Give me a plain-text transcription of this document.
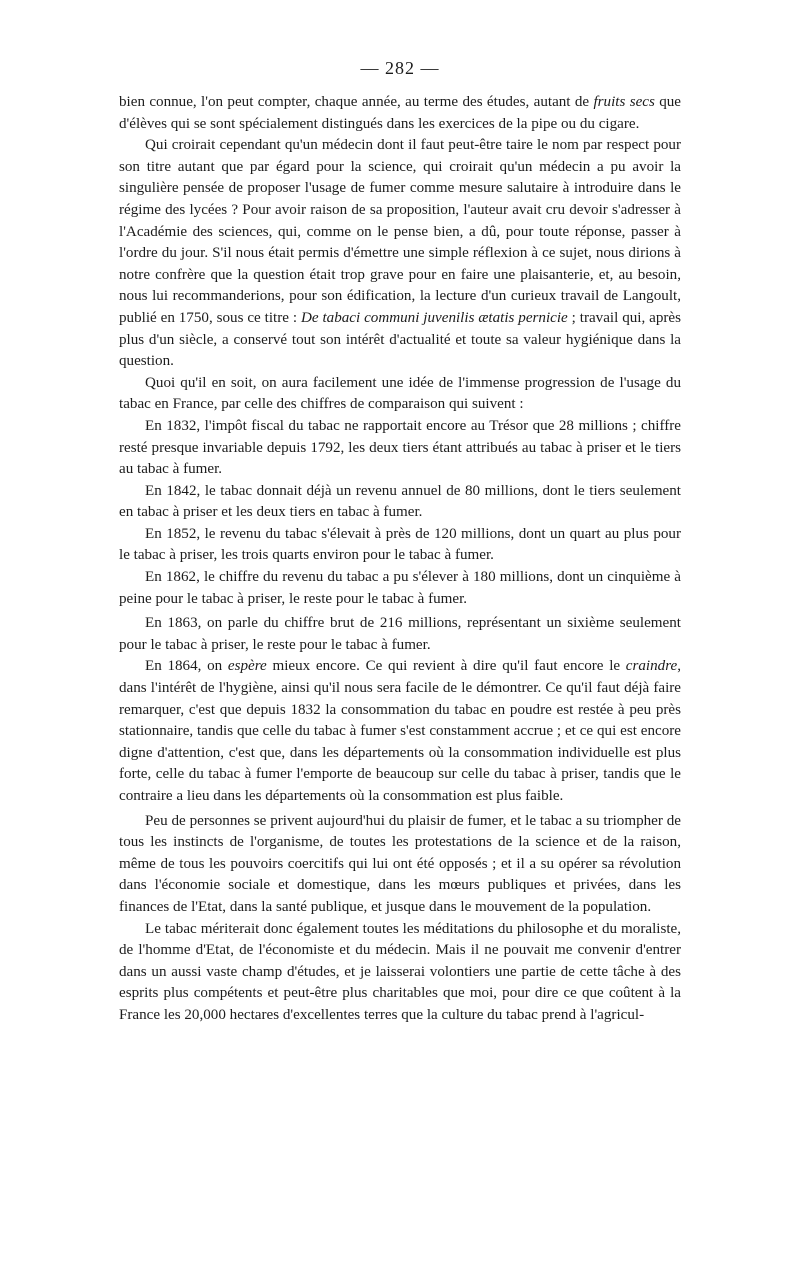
— 282 —

bien connue, l'on peut compter, chaque année, au terme des études, autant de fruits secs que d'élèves qui se sont spécialement distingués dans les exercices de la pipe ou du cigare.

Qui croirait cependant qu'un médecin dont il faut peut-être taire le nom par respect pour son titre autant que par égard pour la science, qui croirait qu'un médecin a pu avoir la singulière pensée de proposer l'usage de fumer comme mesure salutaire à introduire dans le régime des lycées ? Pour avoir raison de sa proposition, l'auteur avait cru devoir s'adresser à l'Académie des sciences, qui, comme on le pense bien, a dû, pour toute réponse, passer à l'ordre du jour. S'il nous était permis d'émettre une simple réflexion à ce sujet, nous dirions à notre confrère que la question était trop grave pour en faire une plaisanterie, et, au besoin, nous lui recommanderions, pour son édification, la lecture d'un curieux travail de Langoult, publié en 1750, sous ce titre : De tabaci communi juvenilis ætatis pernicie ; travail qui, après plus d'un siècle, a conservé tout son intérêt d'actualité et toute sa valeur hygiénique dans la question.

Quoi qu'il en soit, on aura facilement une idée de l'immense progression de l'usage du tabac en France, par celle des chiffres de comparaison qui suivent :

En 1832, l'impôt fiscal du tabac ne rapportait encore au Trésor que 28 millions ; chiffre resté presque invariable depuis 1792, les deux tiers étant attribués au tabac à priser et le tiers au tabac à fumer.

En 1842, le tabac donnait déjà un revenu annuel de 80 millions, dont le tiers seulement en tabac à priser et les deux tiers en tabac à fumer.

En 1852, le revenu du tabac s'élevait à près de 120 millions, dont un quart au plus pour le tabac à priser, les trois quarts environ pour le tabac à fumer.

En 1862, le chiffre du revenu du tabac a pu s'élever à 180 millions, dont un cinquième à peine pour le tabac à priser, le reste pour le tabac à fumer.

En 1863, on parle du chiffre brut de 216 millions, représentant un sixième seulement pour le tabac à priser, le reste pour le tabac à fumer.

En 1864, on espère mieux encore. Ce qui revient à dire qu'il faut encore le craindre, dans l'intérêt de l'hygiène, ainsi qu'il nous sera facile de le démontrer. Ce qu'il faut déjà faire remarquer, c'est que depuis 1832 la consommation du tabac en poudre est restée à peu près stationnaire, tandis que celle du tabac à fumer s'est constamment accrue ; et ce qui est encore digne d'attention, c'est que, dans les départements où la consommation individuelle est plus forte, celle du tabac à fumer l'emporte de beaucoup sur celle du tabac à priser, tandis que le contraire a lieu dans les départements où la consommation est plus faible.

Peu de personnes se privent aujourd'hui du plaisir de fumer, et le tabac a su triompher de tous les instincts de l'organisme, de toutes les protestations de la science et de la raison, même de tous les pouvoirs coercitifs qui lui ont été opposés ; et il a su opérer sa révolution dans l'économie sociale et domestique, dans les mœurs publiques et privées, dans les finances de l'Etat, dans la santé publique, et jusque dans le mouvement de la population.

Le tabac mériterait donc également toutes les méditations du philosophe et du moraliste, de l'homme d'Etat, de l'économiste et du médecin. Mais il ne pouvait me convenir d'entrer dans un aussi vaste champ d'études, et je laisserai volontiers une partie de cette tâche à des esprits plus compétents et peut-être plus charitables que moi, pour dire ce que coûtent à la France les 20,000 hectares d'excellentes terres que la culture du tabac prend à l'agricul-
